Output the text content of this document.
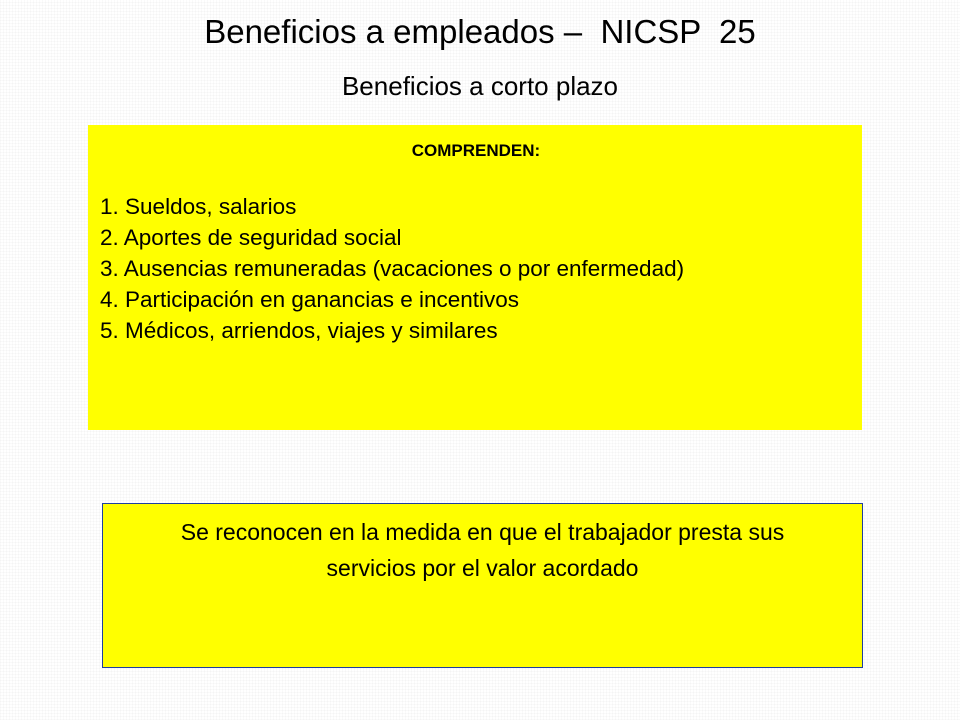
Beneficios a empleados –  NICSP  25
Beneficios a corto plazo
COMPRENDEN:
1. Sueldos, salarios
2. Aportes de seguridad social
3. Ausencias remuneradas (vacaciones o por enfermedad)
4. Participación en ganancias e incentivos
5. Médicos, arriendos, viajes y similares
Se reconocen en la medida en que el trabajador presta sus servicios por el valor acordado
